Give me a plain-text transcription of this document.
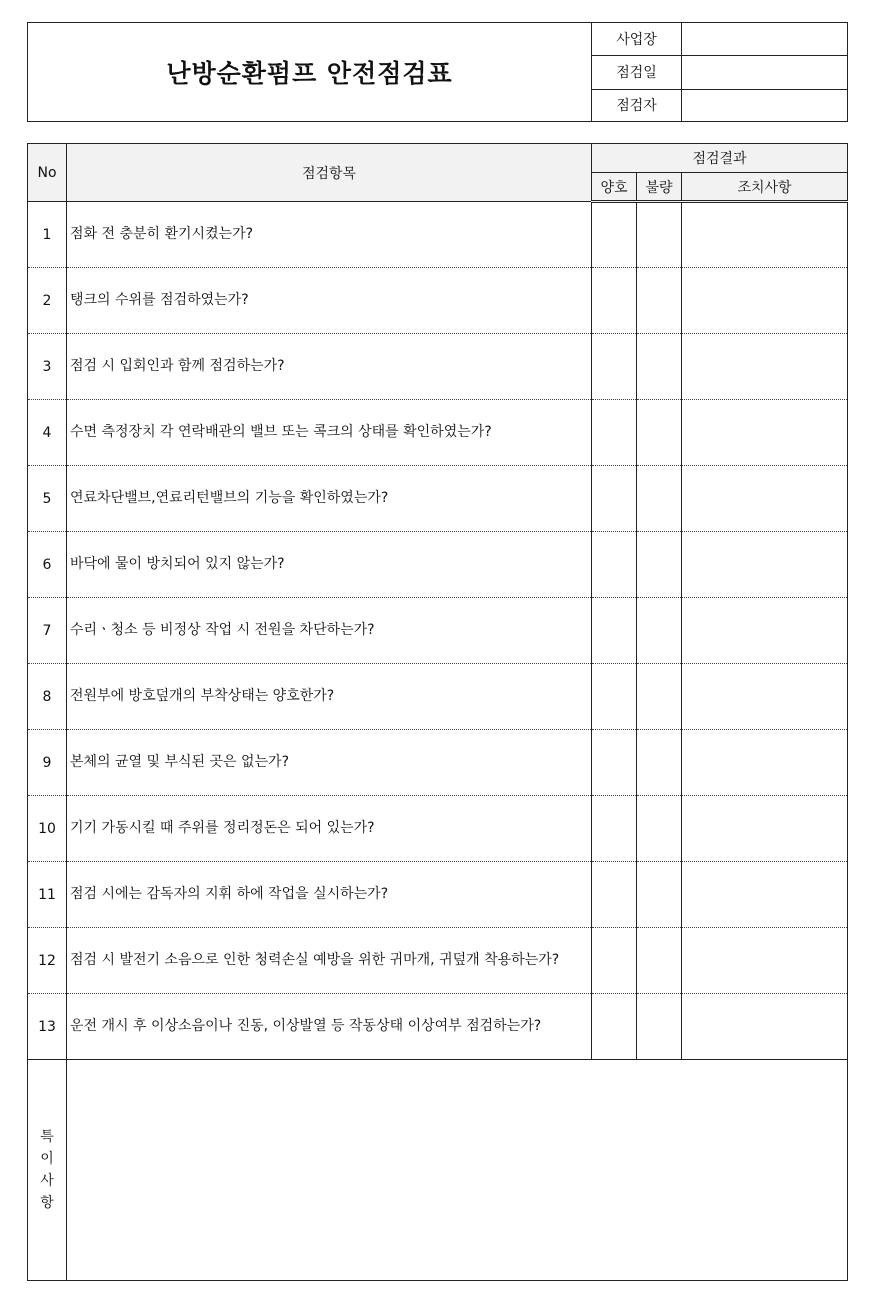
난방순환펌프 안전점검표	사업장	
	점검일	
	점검자	
No	점검항목	점검결과		
		양호	불량	조치사항
1	점화 전 충분히 환기시켰는가?			
2	탱크의 수위를 점검하였는가?			
3	점검 시 입회인과 함께 점검하는가?			
4	수면 측정장치 각 연락배관의 밸브 또는 콕크의 상태를 확인하였는가?			
5	연료차단밸브,연료리턴밸브의 기능을 확인하였는가?			
6	바닥에 물이 방치되어 있지 않는가?			
7	수리ㆍ청소 등 비정상 작업 시 전원을 차단하는가?			
8	전원부에 방호덮개의 부착상태는 양호한가?			
9	본체의 균열 및 부식된 곳은 없는가?			
10	기기 가동시킬 때 주위를 정리정돈은 되어 있는가?			
11	점검 시에는 감독자의 지휘 하에 작업을 실시하는가?			
12	점검 시 발전기 소음으로 인한 청력손실 예방을 위한 귀마개, 귀덮개 착용하는가?			
13	운전 개시 후 이상소음이나 진동, 이상발열 등 작동상태 이상여부 점검하는가?			
특
이
사
항
